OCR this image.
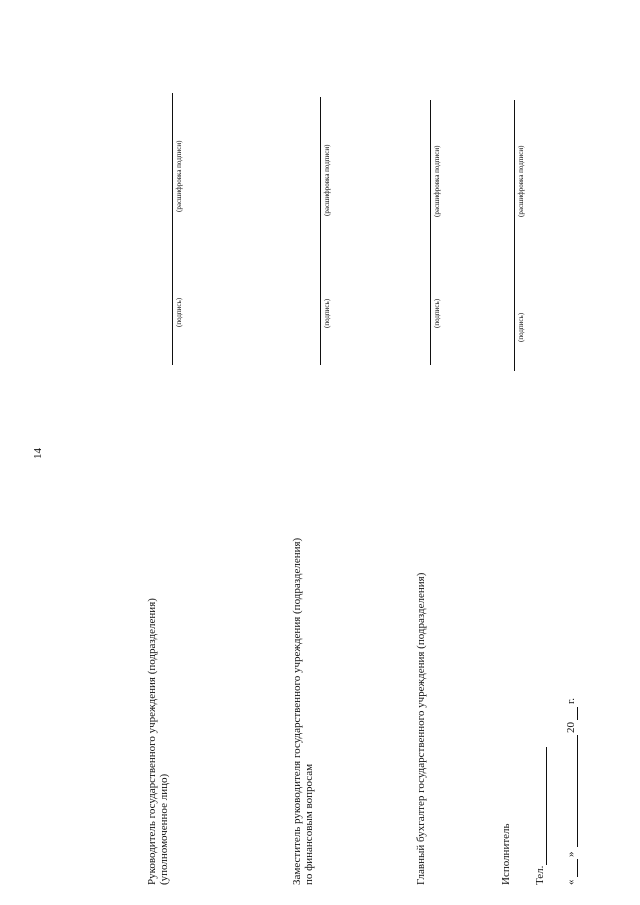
14
Руководитель государственного учреждения (подразделения) (уполномоченное лицо)
(подпись)
(расшифровка подписи)
Заместитель руководителя государственного учреждения (подразделения) по финансовым вопросам
(подпись)
(расшифровка подписи)
Главный бухгалтер государственного учреждения (подразделения)
(подпись)
(расшифровка подписи)
Исполнитель
(подпись)
(расшифровка подписи)
Тел. «
»
20
г.
